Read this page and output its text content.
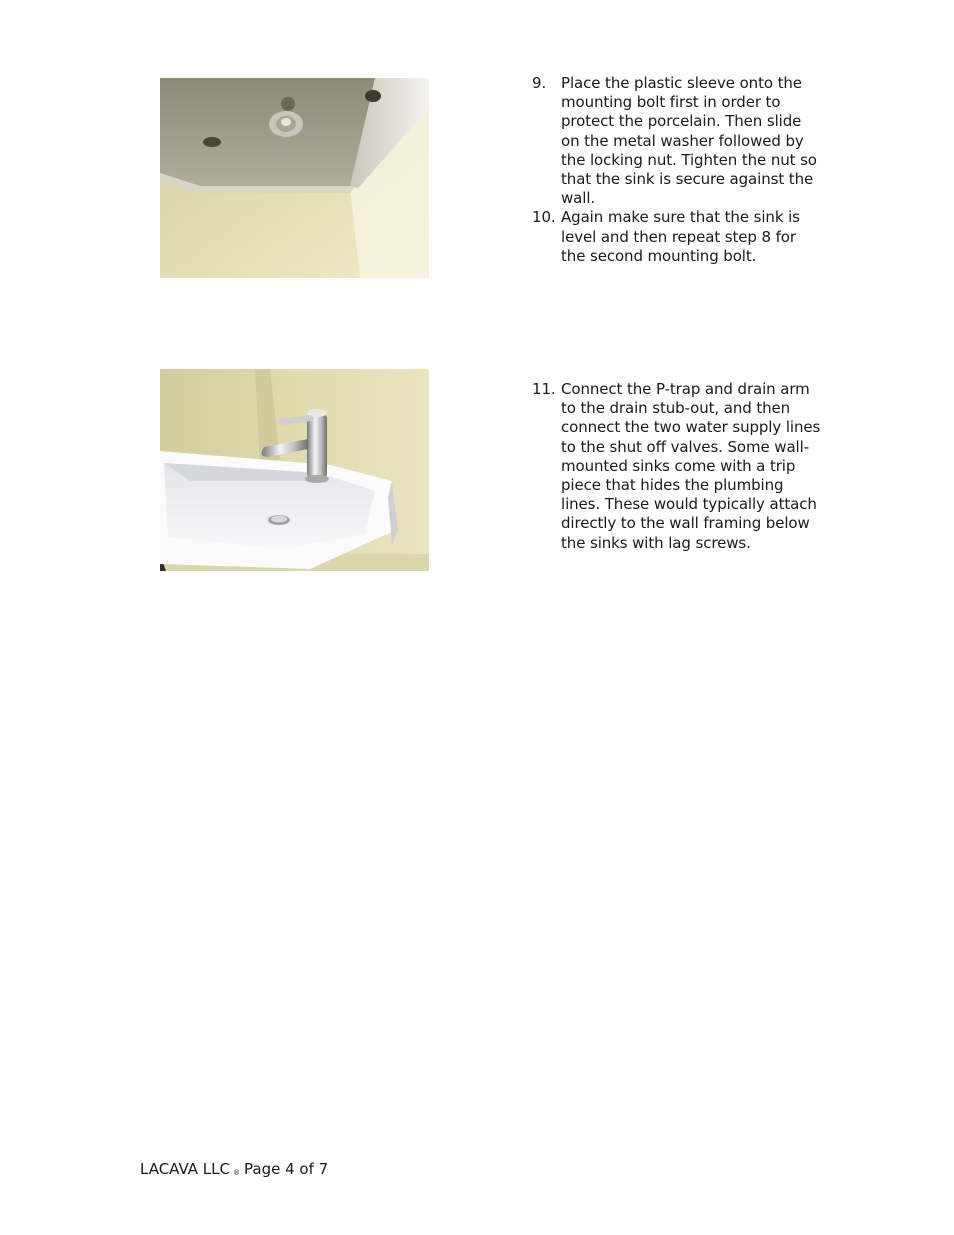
9. Place the plastic sleeve onto the mounting bolt first in order to protect the porcelain. Then slide on the metal washer followed by the locking nut. Tighten the nut so that the sink is secure against the wall.
10. Again make sure that the sink is level and then repeat step 8 for the second mounting bolt.
11. Connect the P-trap and drain arm to the drain stub-out, and then connect the two water supply lines to the shut off valves. Some wall-mounted sinks come with a trip piece that hides the plumbing lines. These would typically attach directly to the wall framing below the sinks with lag screws.
LACAVA LLC ® Page 4 of 7
